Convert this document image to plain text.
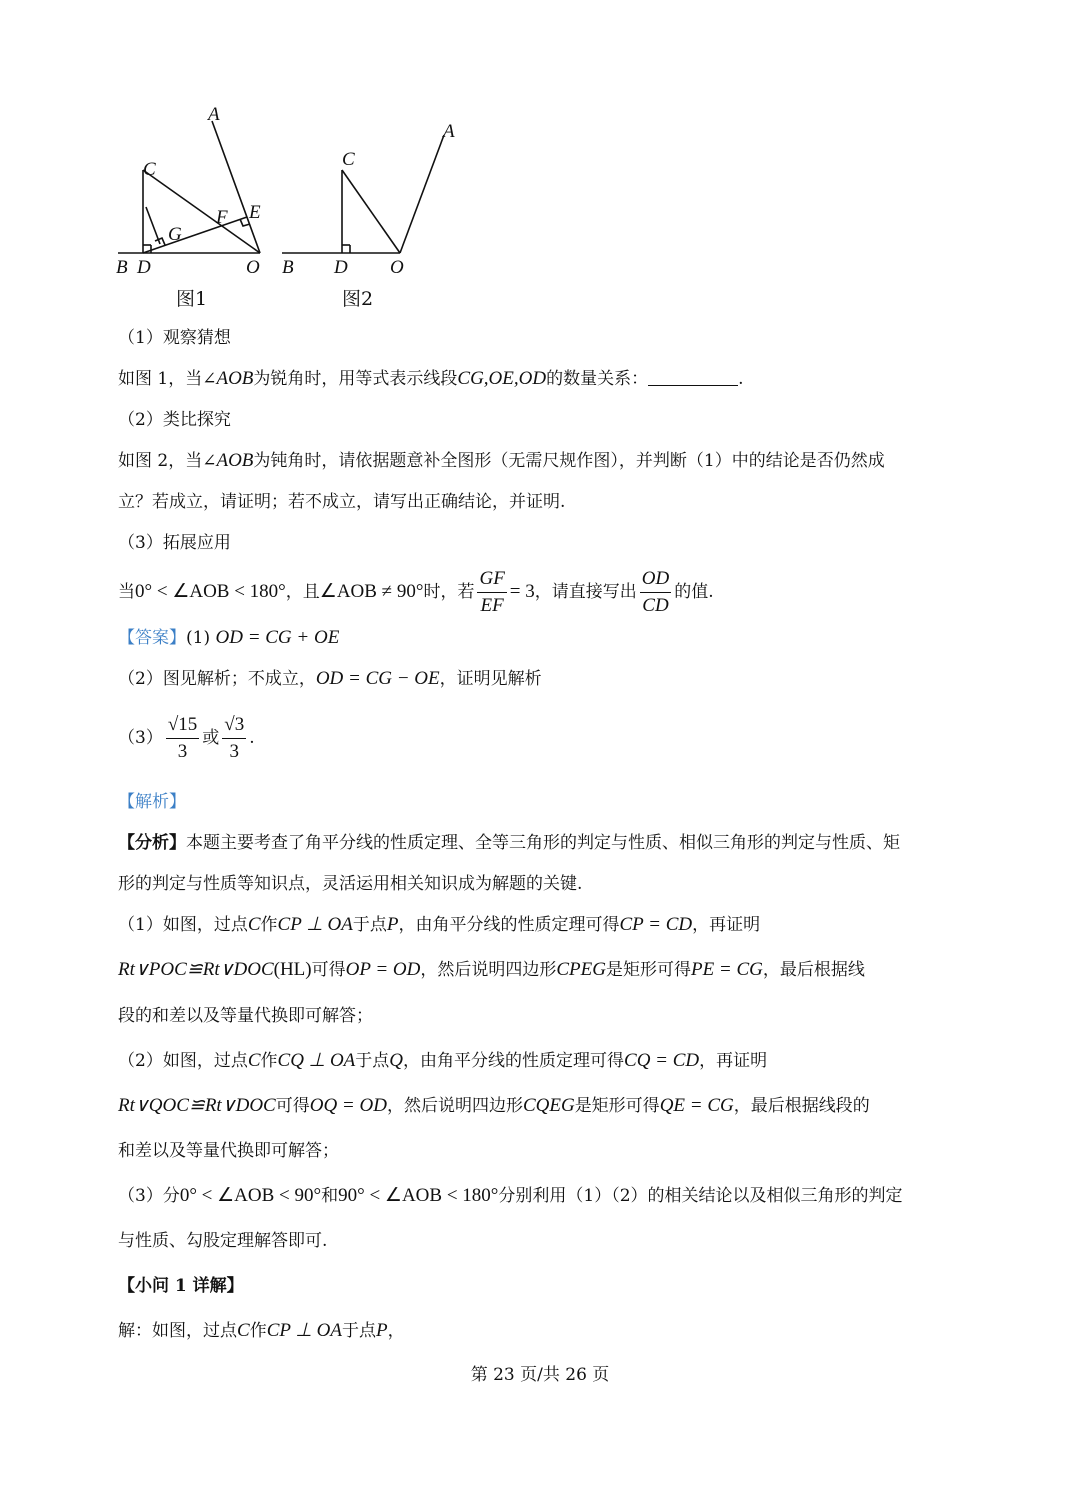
A
C
E
F
G
B D	O
图1
A
C
B D O
图2
（1）观察猜想
如图 1，当∠AOB为锐角时，用等式表示线段CG,OE,OD的数量关系：	.
（2）类比探究
如图 2，当∠AOB为钝角时，请依据题意补全图形（无需尺规作图），并判断（1）中的结论是否仍然成
立？若成立，请证明；若不成立，请写出正确结论，并证明.
（3）拓展应用
当0° < ∠AOB < 180°，且∠AOB ≠ 90°时，若 $\frac{GF}{EF} = 3$，请直接写出 $\frac{OD}{CD}$ 的值.
【答案】(1) OD = CG + OE
（2）图见解析；不成立，OD = CG − OE，证明见解析
$(3) \frac{√15}{3}$ 或 $\frac{√3}{3}$ .
【解析】
【分析】本题主要考查了角平分线的性质定理、全等三角形的判定与性质、相似三角形的判定与性质、矩
形的判定与性质等知识点，灵活运用相关知识成为解题的关键.
（1）如图，过点C作CP ⊥ OA于点P，由角平分线的性质定理可得CP = CD，再证明
Rt∨POC≌Rt∨DOC(HL)可得OP = OD，然后说明四边形CPEG是矩形可得PE = CG，最后根据线
段的和差以及等量代换即可解答；
（2）如图，过点C作CQ ⊥ OA于点Q，由角平分线的性质定理可得CQ = CD，再证明
Rt∨QOC≌Rt∨DOC可得OQ = OD，然后说明四边形CQEG是矩形可得QE = CG，最后根据线段的
和差以及等量代换即可解答；
（3）分0° < ∠AOB < 90°和90° < ∠AOB < 180°分别利用（1）（2）的相关结论以及相似三角形的判定
与性质、勾股定理解答即可.
【小问 1 详解】
解：如图，过点C作CP ⊥ OA于点P，
第 23 页/共 26 页
